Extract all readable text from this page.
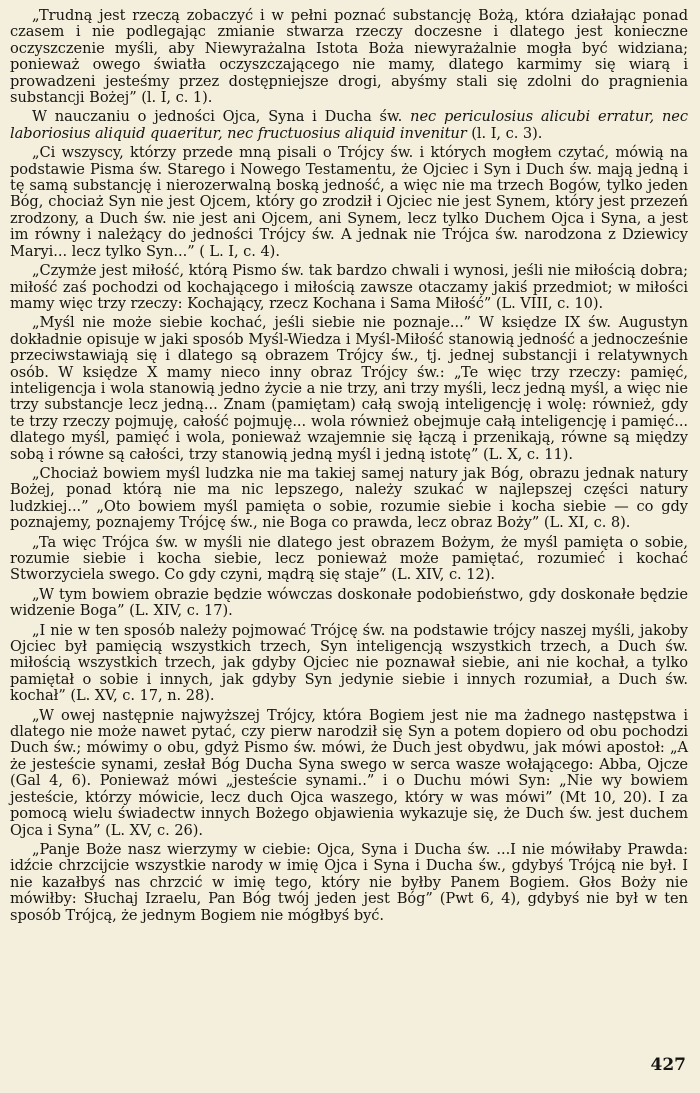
„Trudną jest rzeczą zobaczyć i w pełni poznać substancję Bożą, która działając ponad czasem i nie podlegając zmianie stwarza rzeczy doczesne i dlatego jest konieczne oczyszczenie myśli, aby Niewyrażalna Istota Boża niewyrażalnie mogła być widziana; ponieważ owego światła oczyszczającego nie mamy, dlatego karmimy się wiarą i prowadzeni jesteśmy przez dostępniejsze drogi, abyśmy stali się zdolni do pragnienia substancji Bożej” (l. I, c. 1).

W nauczaniu o jedności Ojca, Syna i Ducha św. nec periculosius alicubi erratur, nec laboriosius aliquid quaeritur, nec fructuosius aliquid invenitur (l. I, c. 3).

„Ci wszyscy, którzy przede mną pisali o Trójcy św. i których mogłem czytać, mówią na podstawie Pisma św. Starego i Nowego Testamentu, że Ojciec i Syn i Duch św. mają jedną i tę samą substancję i nierozerwalną boską jedność, a więc nie ma trzech Bogów, tylko jeden Bóg, chociaż Syn nie jest Ojcem, który go zrodził i Ojciec nie jest Synem, który jest przezeń zrodzony, a Duch św. nie jest ani Ojcem, ani Synem, lecz tylko Duchem Ojca i Syna, a jest im równy i należący do jedności Trójcy św. A jednak nie Trójca św. narodzona z Dziewicy Maryi... lecz tylko Syn...” ( L. I, c. 4).

„Czymże jest miłość, którą Pismo św. tak bardzo chwali i wynosi, jeśli nie miłością dobra; miłość zaś pochodzi od kochającego i miłością zawsze otaczamy jakiś przedmiot; w miłości mamy więc trzy rzeczy: Kochający, rzecz Kochana i Sama Miłość” (L. VIII, c. 10).

„Myśl nie może siebie kochać, jeśli siebie nie poznaje...” W księdze IX św. Augustyn dokładnie opisuje w jaki sposób Myśl-Wiedza i Myśl-Miłość stanowią jedność a jednocześnie przeciwstawiają się i dlatego są obrazem Trójcy św., tj. jednej substancji i relatywnych osób. W księdze X mamy nieco inny obraz Trójcy św.: „Te więc trzy rzeczy: pamięć, inteligencja i wola stanowią jedno życie a nie trzy, ani trzy myśli, lecz jedną myśl, a więc nie trzy substancje lecz jedną... Znam (pamiętam) całą swoją inteligencję i wolę: również, gdy te trzy rzeczy pojmuję, całość pojmuję... wola również obejmuje całą inteligencję i pamięć... dlatego myśl, pamięć i wola, ponieważ wzajemnie się łączą i przenikają, równe są między sobą i równe są całości, trzy stanowią jedną myśl i jedną istotę” (L. X, c. 11).

„Chociaż bowiem myśl ludzka nie ma takiej samej natury jak Bóg, obrazu jednak natury Bożej, ponad którą nie ma nic lepszego, należy szukać w najlepszej części natury ludzkiej...” „Oto bowiem myśl pamięta o sobie, rozumie siebie i kocha siebie — co gdy poznajemy, poznajemy Trójcę św., nie Boga co prawda, lecz obraz Boży” (L. XI, c. 8).

„Ta więc Trójca św. w myśli nie dlatego jest obrazem Bożym, że myśl pamięta o sobie, rozumie siebie i kocha siebie, lecz ponieważ może pamiętać, rozumieć i kochać Stworzyciela swego. Co gdy czyni, mądrą się staje” (L. XIV, c. 12).

„W tym bowiem obrazie będzie wówczas doskonałe podobieństwo, gdy doskonałe będzie widzenie Boga” (L. XIV, c. 17).

„I nie w ten sposób należy pojmować Trójcę św. na podstawie trójcy naszej myśli, jakoby Ojciec był pamięcią wszystkich trzech, Syn inteligencją wszystkich trzech, a Duch św. miłością wszystkich trzech, jak gdyby Ojciec nie poznawał siebie, ani nie kochał, a tylko pamiętał o sobie i innych, jak gdyby Syn jedynie siebie i innych rozumiał, a Duch św. kochał” (L. XV, c. 17, n. 28).

„W owej następnie najwyższej Trójcy, która Bogiem jest nie ma żadnego następstwa i dlatego nie może nawet pytać, czy pierw narodził się Syn a potem dopiero od obu pochodzi Duch św.; mówimy o obu, gdyż Pismo św. mówi, że Duch jest obydwu, jak mówi apostoł: „A że jesteście synami, zesłał Bóg Ducha Syna swego w serca wasze wołającego: Abba, Ojcze (Gal 4, 6). Ponieważ mówi „jesteście synami..” i o Duchu mówi Syn: „Nie wy bowiem jesteście, którzy mówicie, lecz duch Ojca waszego, który w was mówi” (Mt 10, 20). I za pomocą wielu świadectw innych Bożego objawienia wykazuje się, że Duch św. jest duchem Ojca i Syna” (L. XV, c. 26).

„Panje Boże nasz wierzymy w ciebie: Ojca, Syna i Ducha św. ...I nie mówiłaby Prawda: idźcie chrzcijcie wszystkie narody w imię Ojca i Syna i Ducha św., gdybyś Trójcą nie był. I nie kazałbyś nas chrzcić w imię tego, który nie byłby Panem Bogiem. Głos Boży nie mówiłby: Słuchaj Izraelu, Pan Bóg twój jeden jest Bóg” (Pwt 6, 4), gdybyś nie był w ten sposób Trójcą, że jednym Bogiem nie mógłbyś być.

427
